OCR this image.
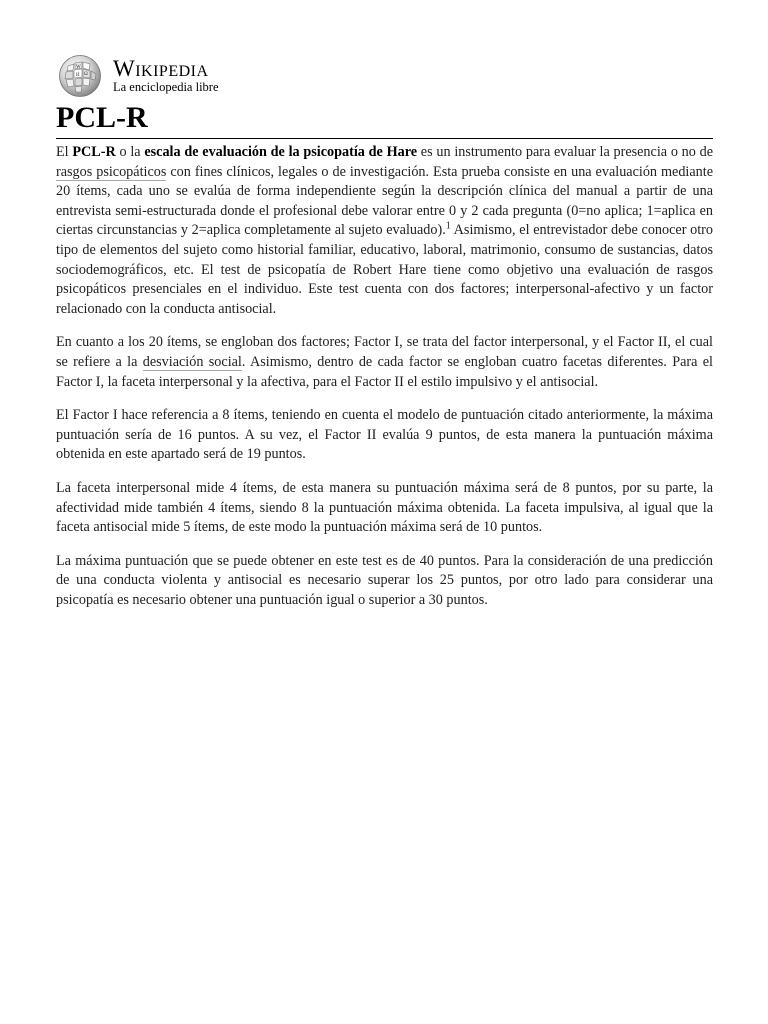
W
Ω
И Wikipedia
La enciclopedia libre
PCL-R

El PCL-R o la escala de evaluación de la psicopatía de Hare es un instrumento para evaluar la presencia o no de rasgos psicopáticos con fines clínicos, legales o de investigación. Esta prueba consiste en una evaluación mediante 20 ítems, cada uno se evalúa de forma independiente según la descripción clínica del manual a partir de una entrevista semi-estructurada donde el profesional debe valorar entre 0 y 2 cada pregunta (0=no aplica; 1=aplica en ciertas circunstancias y 2=aplica completamente al sujeto evaluado).$^1$ Asimismo, el entrevistador debe conocer otro tipo de elementos del sujeto como historial familiar, educativo, laboral, matrimonio, consumo de sustancias, datos sociodemográficos, etc. El test de psicopatía de Robert Hare tiene como objetivo una evaluación de rasgos psicopáticos presenciales en el individuo. Este test cuenta con dos factores; interpersonal-afectivo y un factor relacionado con la conducta antisocial.

En cuanto a los 20 ítems, se engloban dos factores; Factor I, se trata del factor interpersonal, y el Factor II, el cual se refiere a la desviación social. Asimismo, dentro de cada factor se engloban cuatro facetas diferentes. Para el Factor I, la faceta interpersonal y la afectiva, para el Factor II el estilo impulsivo y el antisocial.

El Factor I hace referencia a 8 ítems, teniendo en cuenta el modelo de puntuación citado anteriormente, la máxima puntuación sería de 16 puntos. A su vez, el Factor II evalúa 9 puntos, de esta manera la puntuación máxima obtenida en este apartado será de 19 puntos.

La faceta interpersonal mide 4 ítems, de esta manera su puntuación máxima será de 8 puntos, por su parte, la afectividad mide también 4 ítems, siendo 8 la puntuación máxima obtenida. La faceta impulsiva, al igual que la faceta antisocial mide 5 ítems, de este modo la puntuación máxima será de 10 puntos.

La máxima puntuación que se puede obtener en este test es de 40 puntos. Para la consideración de una predicción de una conducta violenta y antisocial es necesario superar los 25 puntos, por otro lado para considerar una psicopatía es necesario obtener una puntuación igual o superior a 30 puntos.
